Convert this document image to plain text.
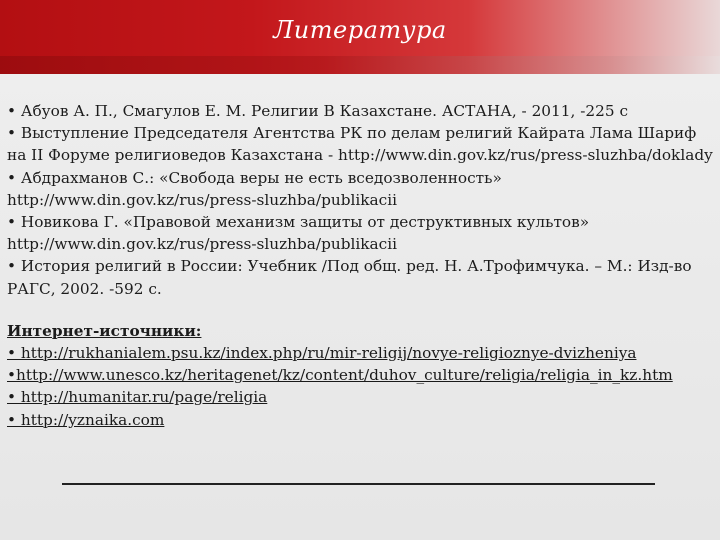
Литература
• Абуов А. П., Смагулов Е. М. Религии В Казахстане. АСТАНА, - 2011, -225 с
• Выступление Председателя Агентства РК по делам религий Кайрата Лама Шариф на II Форуме религиоведов Казахстана - http://www.din.gov.kz/rus/press-sluzhba/doklady
• Абдрахманов С.: «Свобода веры не есть вседозволенность» http://www.din.gov.kz/rus/press-sluzhba/publikacii
• Новикова Г. «Правовой механизм защиты от деструктивных культов» http://www.din.gov.kz/rus/press-sluzhba/publikacii
• История религий в России: Учебник /Под общ. ред. Н. А.Трофимчука. – М.: Изд-во РАГС, 2002. -592 с.
Интернет-источники:
• http://rukhanialem.psu.kz/index.php/ru/mir-religij/novye-religioznye-dvizheniya
•http://www.unesco.kz/heritagenet/kz/content/duhov_culture/religia/religia_in_kz.htm
• http://humanitar.ru/page/religia
• http://yznaika.com
